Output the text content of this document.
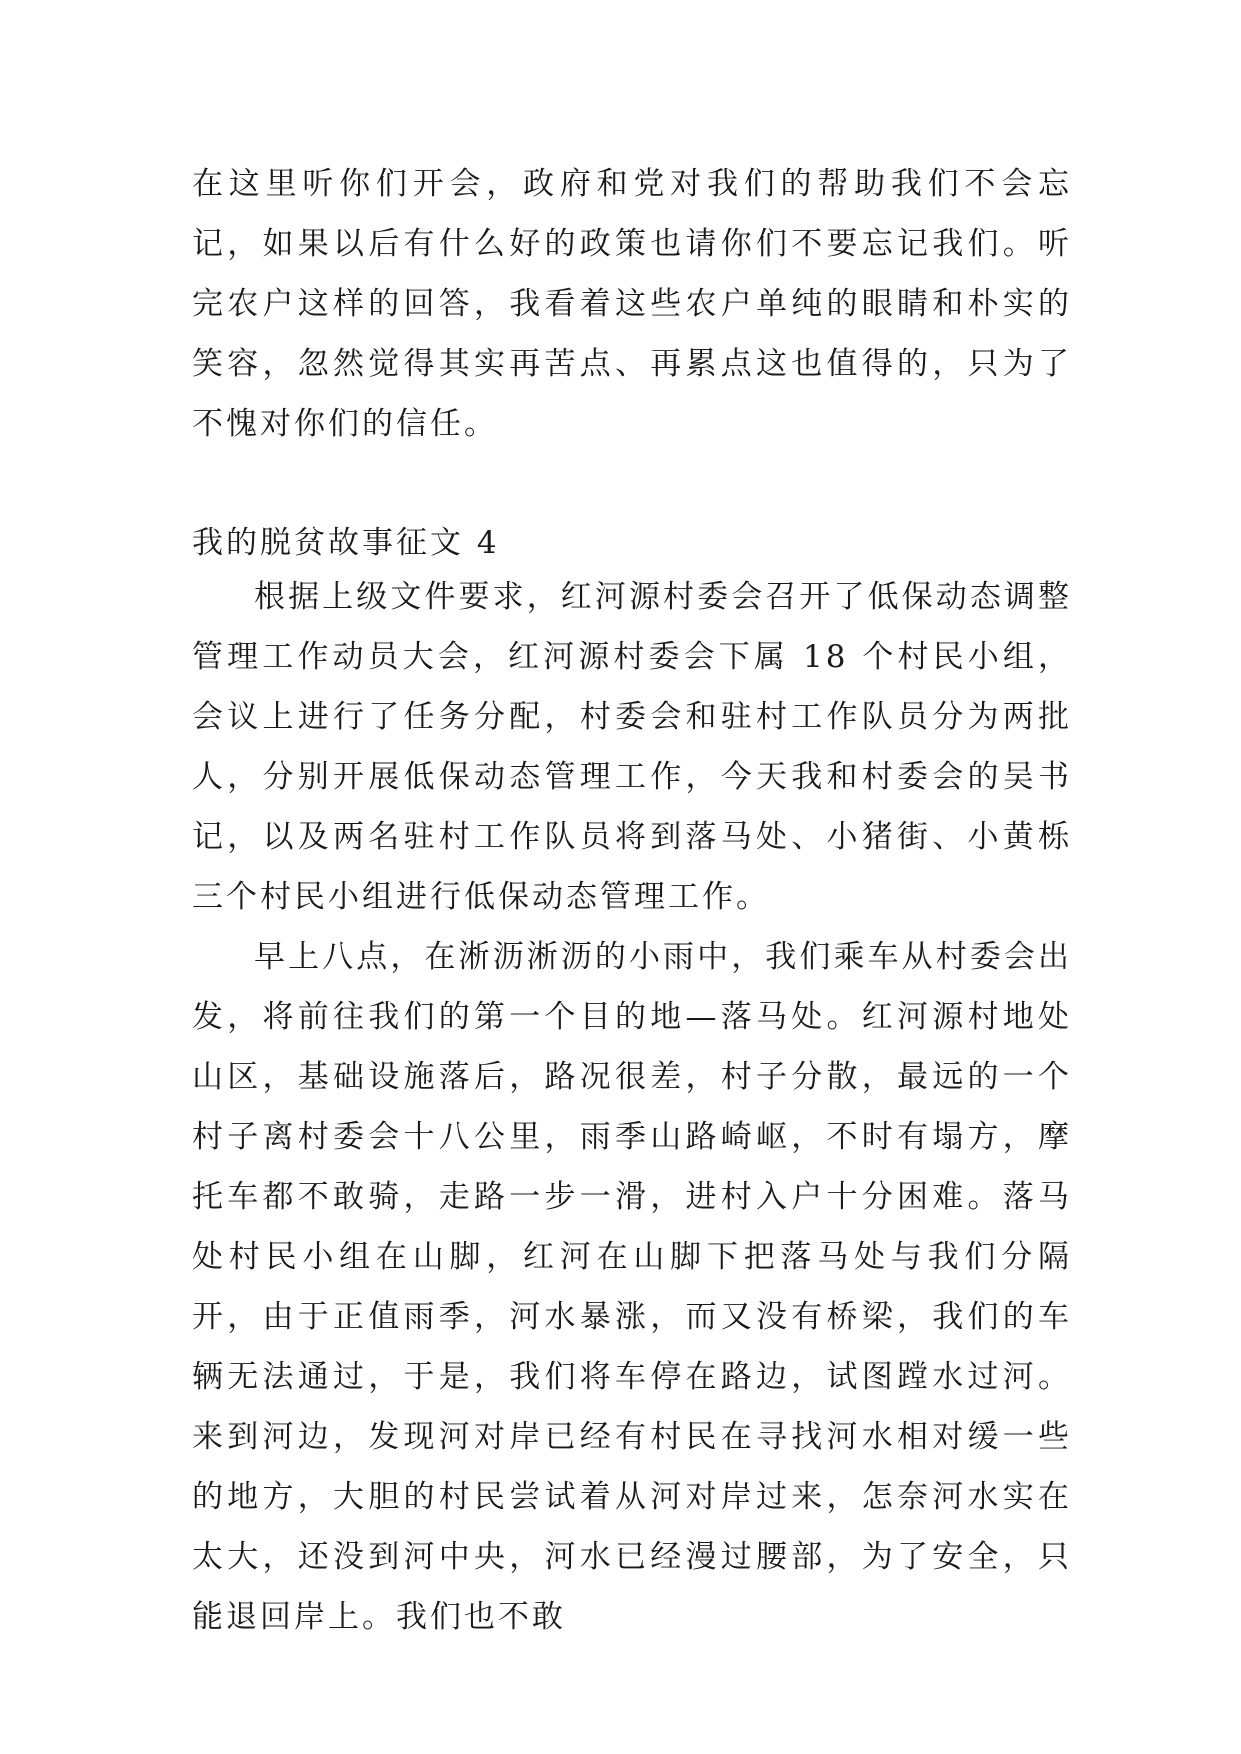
在这里听你们开会，政府和党对我们的帮助我们不会忘记，如果以后有什么好的政策也请你们不要忘记我们。听完农户这样的回答，我看着这些农户单纯的眼睛和朴实的笑容，忽然觉得其实再苦点、再累点这也值得的，只为了不愧对你们的信任。

我的脱贫故事征文 4

根据上级文件要求，红河源村委会召开了低保动态调整管理工作动员大会，红河源村委会下属 18 个村民小组，会议上进行了任务分配，村委会和驻村工作队员分为两批人，分别开展低保动态管理工作，今天我和村委会的吴书记，以及两名驻村工作队员将到落马处、小猪街、小黄栎三个村民小组进行低保动态管理工作。

早上八点，在淅沥淅沥的小雨中，我们乘车从村委会出发，将前往我们的第一个目的地—落马处。红河源村地处山区，基础设施落后，路况很差，村子分散，最远的一个村子离村委会十八公里，雨季山路崎岖，不时有塌方，摩托车都不敢骑，走路一步一滑，进村入户十分困难。落马处村民小组在山脚，红河在山脚下把落马处与我们分隔开，由于正值雨季，河水暴涨，而又没有桥梁，我们的车辆无法通过，于是，我们将车停在路边，试图蹚水过河。来到河边，发现河对岸已经有村民在寻找河水相对缓一些的地方，大胆的村民尝试着从河对岸过来，怎奈河水实在太大，还没到河中央，河水已经漫过腰部，为了安全，只能退回岸上。我们也不敢
